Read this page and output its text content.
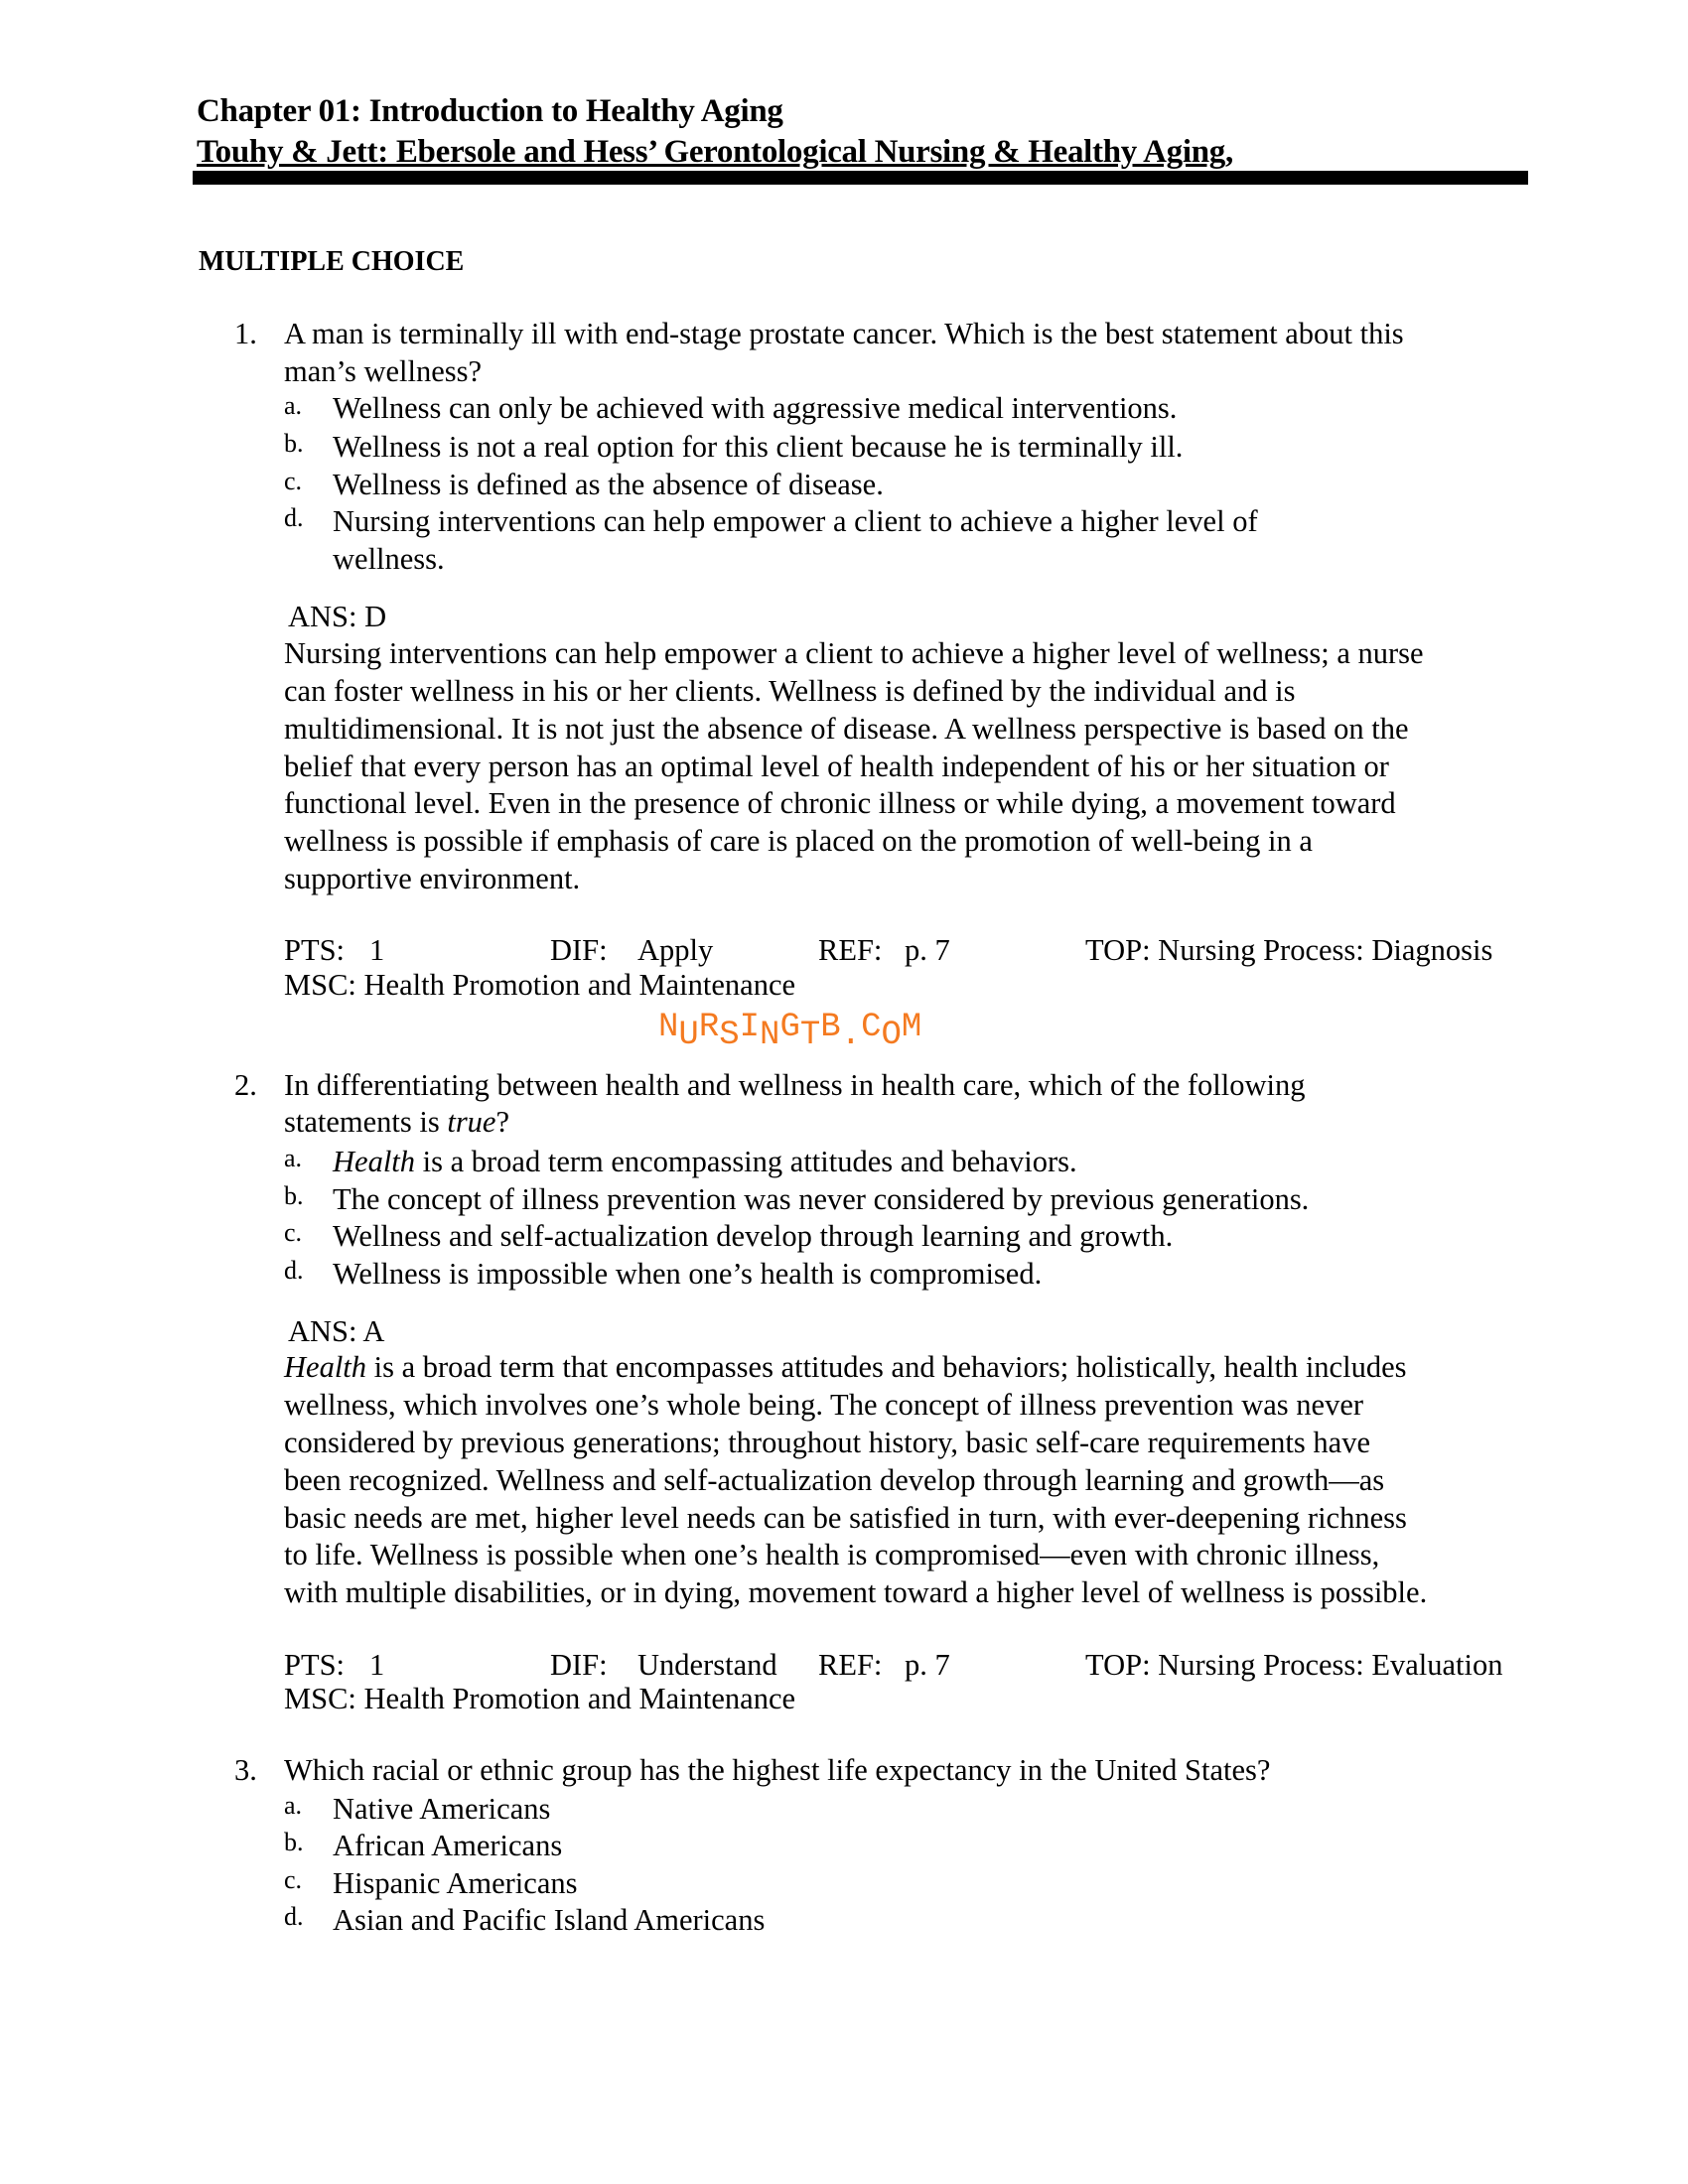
Chapter 01: Introduction to Healthy Aging
Touhy & Jett: Ebersole and Hess’ Gerontological Nursing & Healthy Aging,
MULTIPLE CHOICE
1. A man is terminally ill with end-stage prostate cancer. Which is the best statement about this
man’s wellness?
a. Wellness can only be achieved with aggressive medical interventions.
b. Wellness is not a real option for this client because he is terminally ill.
c. Wellness is defined as the absence of disease.
d. Nursing interventions can help empower a client to achieve a higher level of
wellness.
ANS: D
Nursing interventions can help empower a client to achieve a higher level of wellness; a nurse
can foster wellness in his or her clients. Wellness is defined by the individual and is
multidimensional. It is not just the absence of disease. A wellness perspective is based on the
belief that every person has an optimal level of health independent of his or her situation or
functional level. Even in the presence of chronic illness or while dying, a movement toward
wellness is possible if emphasis of care is placed on the promotion of well-being in a
supportive environment.
PTS: 1	DIF: Apply	REF: p. 7	TOP: Nursing Process: Diagnosis
MSC: Health Promotion and Maintenance
2. In differentiating between health and wellness in health care, which of the following
statements is true?
a. Health is a broad term encompassing attitudes and behaviors.
b. The concept of illness prevention was never considered by previous generations.
c. Wellness and self-actualization develop through learning and growth.
d. Wellness is impossible when one’s health is compromised.
ANS: A
Health is a broad term that encompasses attitudes and behaviors; holistically, health includes
wellness, which involves one’s whole being. The concept of illness prevention was never
considered by previous generations; throughout history, basic self-care requirements have
been recognized. Wellness and self-actualization develop through learning and growth—as
basic needs are met, higher level needs can be satisfied in turn, with ever-deepening richness
to life. Wellness is possible when one’s health is compromised—even with chronic illness,
with multiple disabilities, or in dying, movement toward a higher level of wellness is possible.
PTS: 1	DIF: Understand REF: p. 7	TOP: Nursing Process: Evaluation
MSC: Health Promotion and Maintenance
3. Which racial or ethnic group has the highest life expectancy in the United States?
a. Native Americans
b. African Americans
c. Hispanic Americans
d. Asian and Pacific Island Americans
NURSINGTB.COM
